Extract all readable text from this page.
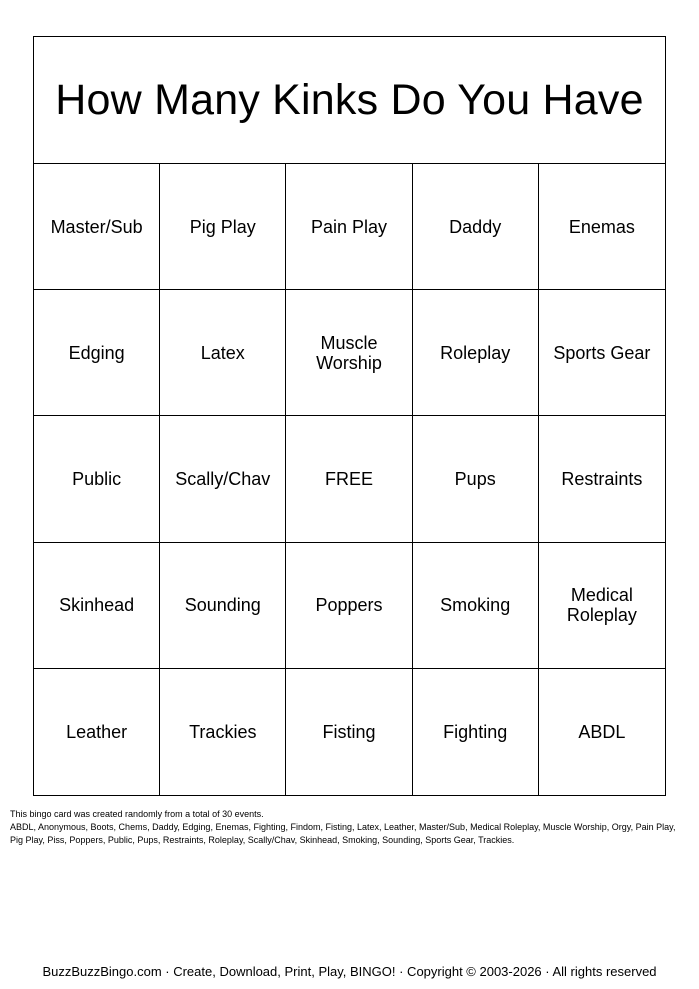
How Many Kinks Do You Have
Master/Sub	Pig Play	Pain Play	Daddy	Enemas
Edging	Latex	Muscle Worship	Roleplay	Sports Gear
Public	Scally/Chav	FREE	Pups	Restraints
Skinhead	Sounding	Poppers	Smoking	Medical Roleplay
Leather	Trackies	Fisting	Fighting	ABDL

This bingo card was created randomly from a total of 30 events.

ABDL, Anonymous, Boots, Chems, Daddy, Edging, Enemas, Fighting, Findom, Fisting, Latex, Leather, Master/Sub, Medical Roleplay, Muscle Worship, Orgy, Pain Play, Pig Play, Piss, Poppers, Public, Pups, Restraints, Roleplay, Scally/Chav, Skinhead, Smoking, Sounding, Sports Gear, Trackies.

BuzzBuzzBingo.com · Create, Download, Print, Play, BINGO! · Copyright © 2003-2026 · All rights reserved
